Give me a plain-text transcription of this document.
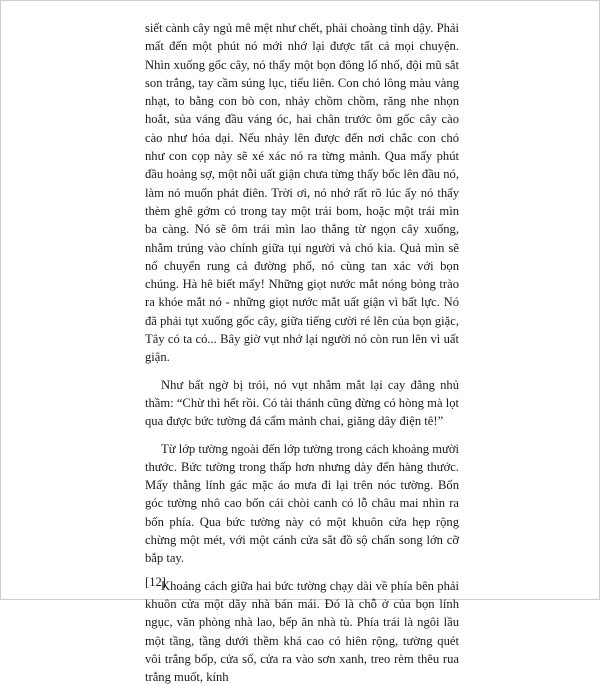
siết cành cây ngủ mê mệt như chết, phải choàng tỉnh dậy. Phải mất đến một phút nó mới nhớ lại được tất cả mọi chuyện. Nhìn xuống gốc cây, nó thấy một bọn đông lố nhố, đội mũ sắt son trắng, tay cầm súng lục, tiểu liên. Con chó lông màu vàng nhạt, to bằng con bò con, nhảy chồm chồm, răng nhe nhọn hoắt, sủa váng đầu váng óc, hai chân trước ôm gốc cây cào cào như hóa dại. Nếu nhảy lên được đến nơi chắc con chó như con cọp này sẽ xé xác nó ra từng mảnh. Qua mấy phút đầu hoảng sợ, một nỗi uất giận chưa từng thấy bốc lên đầu nó, làm nó muốn phát điên. Trời ơi, nó nhớ rất rõ lúc ấy nó thấy thèm ghê gớm có trong tay một trái bom, hoặc một trái mìn ba càng. Nó sẽ ôm trái mìn lao thẳng từ ngọn cây xuống, nhằm trúng vào chính giữa tụi người và chó kia. Quả mìn sẽ nổ chuyển rung cả đường phố, nó cùng tan xác với bọn chúng. Hà hê biết mấy! Những giọt nước mắt nóng bỏng trào ra khóe mắt nó - những giọt nước mắt uất giận vì bất lực. Nó đã phải tụt xuống gốc cây, giữa tiếng cười ré lên của bọn giặc, Tây có ta có... Bây giờ vụt nhớ lại người nó còn run lên vì uất giận.

Như bất ngờ bị trói, nó vụt nhắm mắt lại cay đắng nhủ thầm: “Chừ thì hết rồi. Có tài thánh cũng đừng có hòng mà lọt qua được bức tường đá cẩm mảnh chai, giăng dây điện tê!”

Từ lớp tường ngoài đến lớp tường trong cách khoảng mười thước. Bức tường trong thấp hơn nhưng dày đến hàng thước. Mấy thằng lính gác mặc áo mưa đi lại trên nóc tường. Bốn góc tường nhô cao bốn cái chòi canh có lỗ châu mai nhìn ra bốn phía. Qua bức tường này có một khuôn cửa hẹp rộng chừng một mét, với một cánh cửa sắt đồ sộ chấn song lớn cỡ bắp tay.

Khoảng cách giữa hai bức tường chạy dài về phía bên phải khuôn cửa một dãy nhà bán mái. Đó là chỗ ở của bọn lính ngục, văn phòng nhà lao, bếp ăn nhà tù. Phía trái là ngôi lầu một tầng, tầng dưới thềm khá cao có hiên rộng, tường quét vôi trắng bốp, cửa sổ, cửa ra vào sơn xanh, treo rèm thêu rua trắng muốt, kính

[12]
